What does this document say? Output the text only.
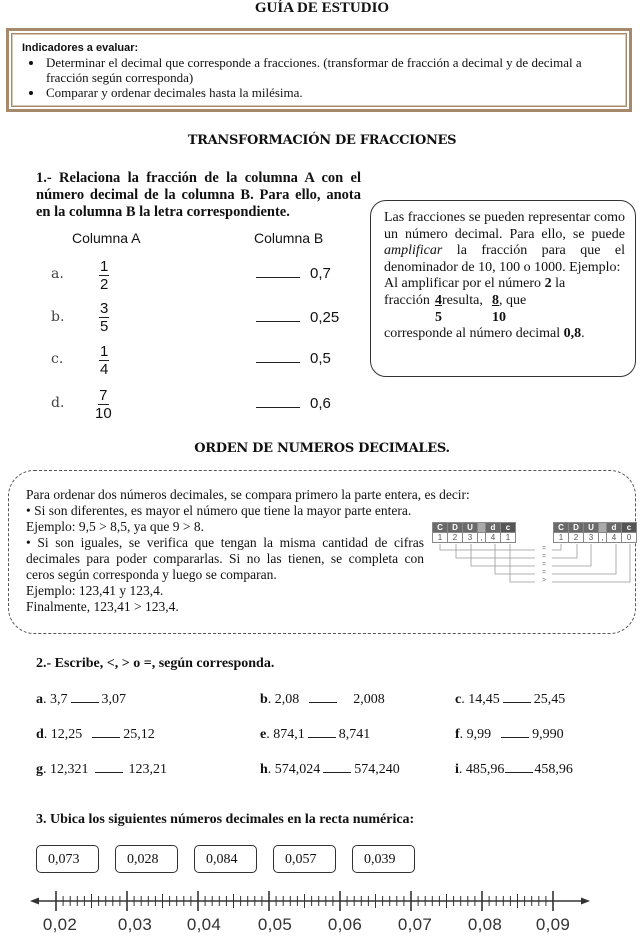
GUÍA DE ESTUDIO
Indicadores a evaluar:
• Determinar el decimal que corresponde a fracciones. (transformar de fracción a decimal y de decimal a fracción según corresponda)
• Comparar y ordenar decimales hasta la milésima.
TRANSFORMACIÓN DE FRACCIONES
1.- Relaciona la fracción de la columna A con el número decimal de la columna B. Para ello, anota en la columna B la letra correspondiente.
Columna A	Columna B
a. $\frac{1}{2}$	0,7
b. $\frac{3}{5}$	0,25
c. $\frac{1}{4}$	0,5
d. $\frac{7}{10}$	0,6
Las fracciones se pueden representar como un número decimal. Para ello, se puede amplificar la fracción para que el denominador de 10, 100 o 1000. Ejemplo:
Al amplificar por el número 2 la
fracción 4
5
resulta, 8
10
, que
corresponde al número decimal 0,8.
ORDEN DE NUMEROS DECIMALES.

Para ordenar dos números decimales, se compara primero la parte entera, es decir:

• Si son diferentes, es mayor el número que tiene la mayor parte entera.

Ejemplo: 9,5 > 8,5, ya que 9 > 8.

• Si son iguales, se verifica que tengan la misma cantidad de cifras decimales para poder compararlas. Si no las tienen, se completa con ceros según corresponda y luego se comparan.

Ejemplo: 123,41 y 123,4.

Finalmente, 123,41 > 123,4.

C	D	U		d	c
1	2	3	,	4	1
C	D	U		d	c
1	2	3	,	4	0
=
=
=
=
>
2.- Escribe, <, > o =, según corresponda.
a. 3,7 3,07	b. 2,08	2,008	c. 14,45 25,45
d. 12,25	25,12	e. 874,1 8,741	f. 9,99	9,990
g. 12,321	123,21	h. 574,024 574,240	i. 485,96 458,96
3. Ubica los siguientes números decimales en la recta numérica:
0,073	0,028	0,084	0,057	0,039
0,02 0,03 0,04 0,05 0,06 0,07 0,08 0,09
